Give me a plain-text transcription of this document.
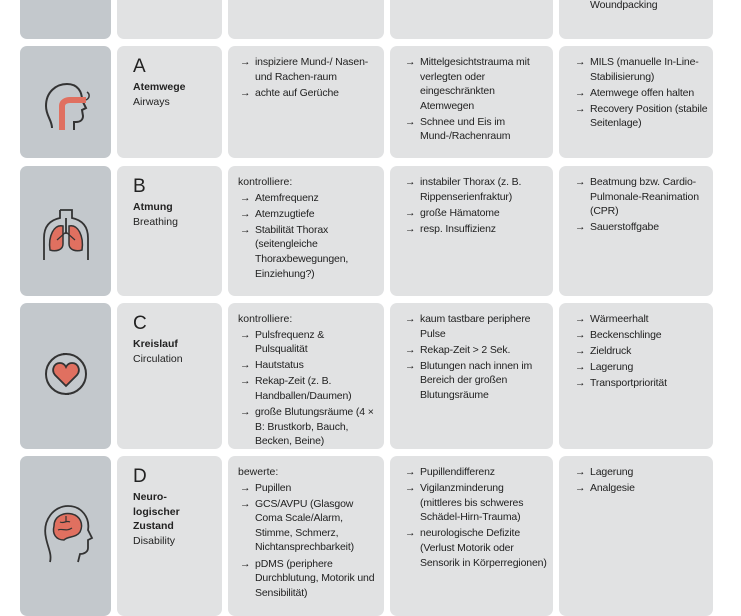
Woundpacking
A
Atemwege
Airways
→ inspiziere Mund-/ Nasen- und Rachen-raum
→ achte auf Gerüche
→ Mittelgesichtstrauma mit verlegten oder eingeschränkten Atemwegen
→ Schnee und Eis im Mund-/Rachenraum
→ MILS (manuelle In-Line-Stabilisierung)
→ Atemwege offen halten
→ Recovery Position (stabile Seitenlage)
B
Atmung
Breathing
kontrolliere:
→ Atemfrequenz
→ Atemzugtiefe
→ Stabilität Thorax (seitengleiche Thoraxbewegungen, Einziehung?)
→ instabiler Thorax (z. B. Rippenserienfraktur)
→ große Hämatome
→ resp. Insuffizienz
→ Beatmung bzw. Cardio-Pulmonale-Reanimation (CPR)
→ Sauerstoffgabe
C
Kreislauf
Circulation
kontrolliere:
→ Pulsfrequenz & Pulsqualität
→ Hautstatus
→ Rekap-Zeit (z. B. Handballen/Daumen)
→ große Blutungsräume (4 × B: Brustkorb, Bauch, Becken, Beine)
→ kaum tastbare periphere Pulse
→ Rekap-Zeit > 2 Sek.
→ Blutungen nach innen im Bereich der großen Blutungsräume
→ Wärmeerhalt
→ Beckenschlinge
→ Zieldruck
→ Lagerung
→ Transportpriorität
D
Neuro-logischer Zustand
Disability
bewerte:
→ Pupillen
→ GCS/AVPU (Glasgow Coma Scale/Alarm, Stimme, Schmerz, Nichtansprechbarkeit)
→ pDMS (periphere Durchblutung, Motorik und Sensibilität)
→ Pupillendifferenz
→ Vigilanzminderung (mittleres bis schweres Schädel-Hirn-Trauma)
→ neurologische Defizite (Verlust Motorik oder Sensorik in Körperregionen)
→ Lagerung
→ Analgesie
